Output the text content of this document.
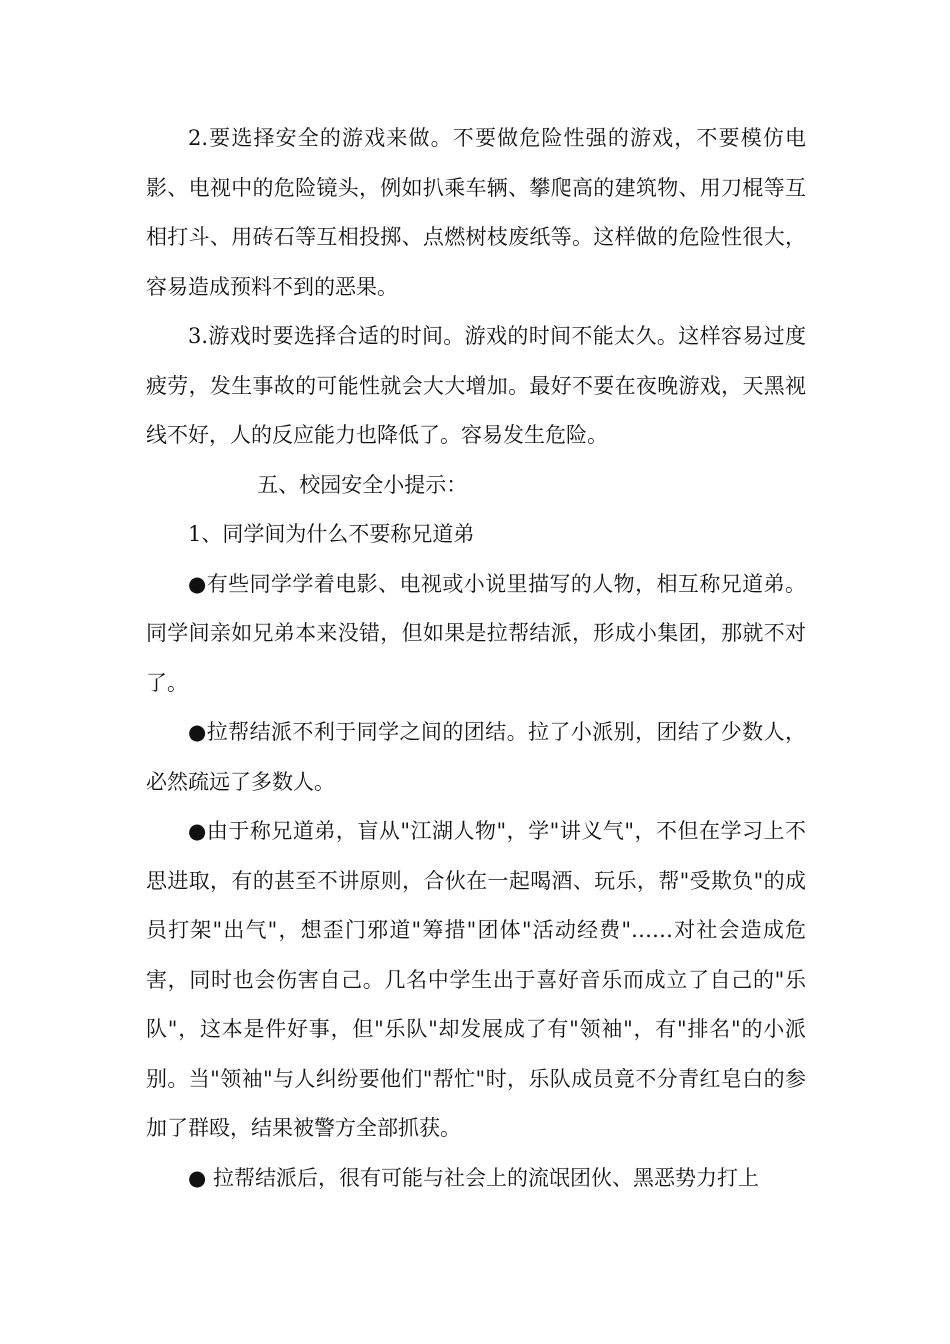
2.要选择安全的游戏来做。不要做危险性强的游戏，不要模仿电影、电视中的危险镜头，例如扒乘车辆、攀爬高的建筑物、用刀棍等互相打斗、用砖石等互相投掷、点燃树枝废纸等。这样做的危险性很大，容易造成预料不到的恶果。

3.游戏时要选择合适的时间。游戏的时间不能太久。这样容易过度疲劳，发生事故的可能性就会大大增加。最好不要在夜晚游戏，天黑视线不好，人的反应能力也降低了。容易发生危险。

五、校园安全小提示：

1、同学间为什么不要称兄道弟

●有些同学学着电影、电视或小说里描写的人物，相互称兄道弟。同学间亲如兄弟本来没错，但如果是拉帮结派，形成小集团，那就不对了。

●拉帮结派不利于同学之间的团结。拉了小派别，团结了少数人，必然疏远了多数人。

●由于称兄道弟，盲从"江湖人物"，学"讲义气"，不但在学习上不思进取，有的甚至不讲原则，合伙在一起喝酒、玩乐，帮"受欺负"的成员打架"出气"，想歪门邪道"筹措"团体"活动经费"……对社会造成危害，同时也会伤害自己。几名中学生出于喜好音乐而成立了自己的"乐队"，这本是件好事，但"乐队"却发展成了有"领袖"，有"排名"的小派别。当"领袖"与人纠纷要他们"帮忙"时，乐队成员竟不分青红皂白的参加了群殴，结果被警方全部抓获。

● 拉帮结派后，很有可能与社会上的流氓团伙、黑恶势力打上
